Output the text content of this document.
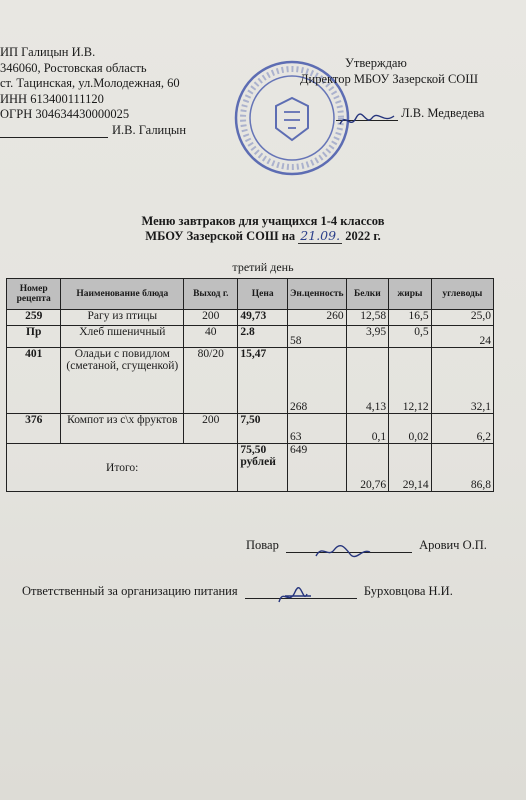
ИП Галицын И.В.
346060, Ростовская область
ст. Тацинская, ул.Молодежная, 60
ИНН 613400111120
ОГРН 304634430000025
И.В. Галицын
Утверждаю
Директор МБОУ Зазерской СОШ
Л.В. Медведева
Меню завтраков для учащихся 1-4 классов
МБОУ Зазерской СОШ на 21.09. 2022 г.
третий день
Номер рецепта	Наименование блюда	Выход г.	Цена	Эн.ценность	Белки	жиры	углеводы
259	Рагу из птицы	200	49,73	260	12,58	16,5	25,0
Пр	Хлеб пшеничный	40	2.8	58	3,95	0,5	24
401	Оладьи с повидлом (сметаной, сгущенкой)	80/20	15,47	268	4,13	12,12	32,1
376	Компот из с\х фруктов	200	7,50	63	0,1	0,02	6,2
Итого:			75,50 рублей	649	20,76	29,14	86,8
Повар	Арович О.П.
Ответственный за организацию питания	Бурховцова Н.И.
